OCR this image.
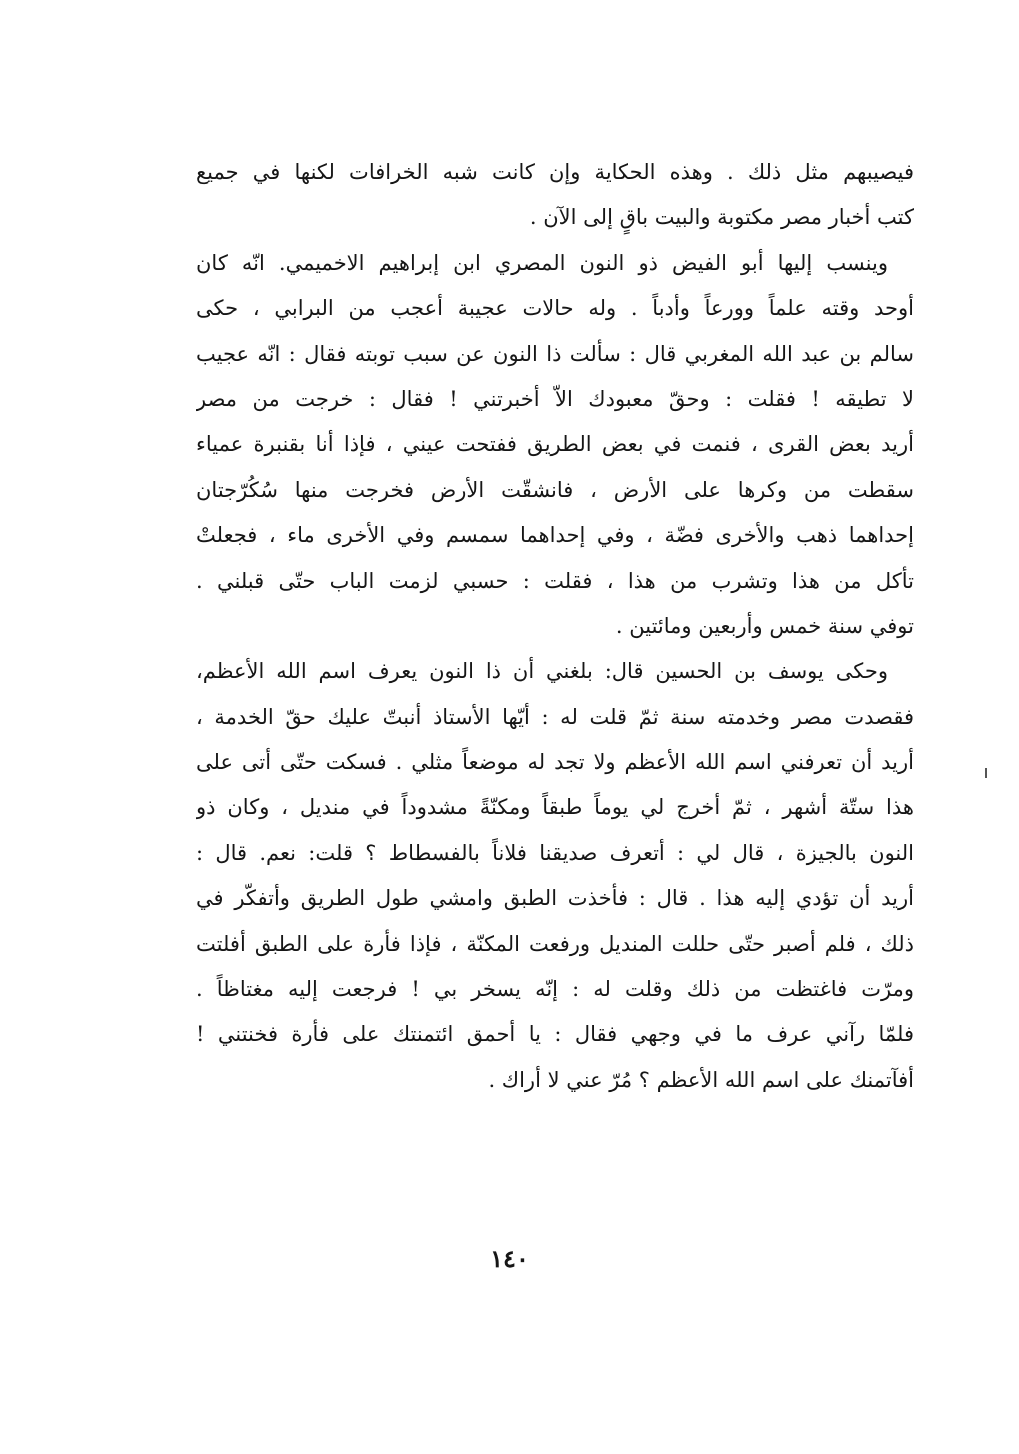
فيصيبهم مثل ذلك . وهذه الحكاية وإن كانت شبه الخرافات لكنها في جميع
كتب أخبار مصر مكتوبة والبيت باقٍ إلى الآن .
وينسب إليها أبو الفيض ذو النون المصري ابن إبراهيم الاخميمي. انّه كان
أوحد وقته علماً وورعاً وأدباً . وله حالات عجيبة أعجب من البرابي ، حكى
سالم بن عبد الله المغربي قال : سألت ذا النون عن سبب توبته فقال : انّه عجيب
لا تطيقه ! فقلت : وحقّ معبودك الاّ أخبرتني ! فقال : خرجت من مصر
أريد بعض القرى ، فنمت في بعض الطريق ففتحت عيني ، فإذا أنا بقنبرة عمياء
سقطت من وكرها على الأرض ، فانشقّت الأرض فخرجت منها سُكُرّجتان
إحداهما ذهب والأخرى فضّة ، وفي إحداهما سمسم وفي الأخرى ماء ، فجعلتْ
تأكل من هذا وتشرب من هذا ، فقلت : حسبي لزمت الباب حتّى قبلني .
توفي سنة خمس وأربعين ومائتين .
وحكى يوسف بن الحسين قال: بلغني أن ذا النون يعرف اسم الله الأعظم،
فقصدت مصر وخدمته سنة ثمّ قلت له : أيّها الأستاذ أنبتّ عليك حقّ الخدمة ،
أريد أن تعرفني اسم الله الأعظم ولا تجد له موضعاً مثلي . فسكت حتّى أتى على
هذا ستّة أشهر ، ثمّ أخرج لي يوماً طبقاً ومكنّةً مشدوداً في منديل ، وكان ذو
النون بالجيزة ، قال لي : أتعرف صديقنا فلاناً بالفسطاط ؟ قلت: نعم. قال :
أريد أن تؤدي إليه هذا . قال : فأخذت الطبق وامشي طول الطريق وأتفكّر في
ذلك ، فلم أصبر حتّى حللت المنديل ورفعت المكنّة ، فإذا فأرة على الطبق أفلتت
ومرّت فاغتظت من ذلك وقلت له : إنّه يسخر بي ! فرجعت إليه مغتاظاً .
فلمّا رآني عرف ما في وجهي فقال : يا أحمق ائتمنتك على فأرة فخنتني !
أفآتمنك على اسم الله الأعظم ؟ مُرّ عني لا أراك .
١٤٠
